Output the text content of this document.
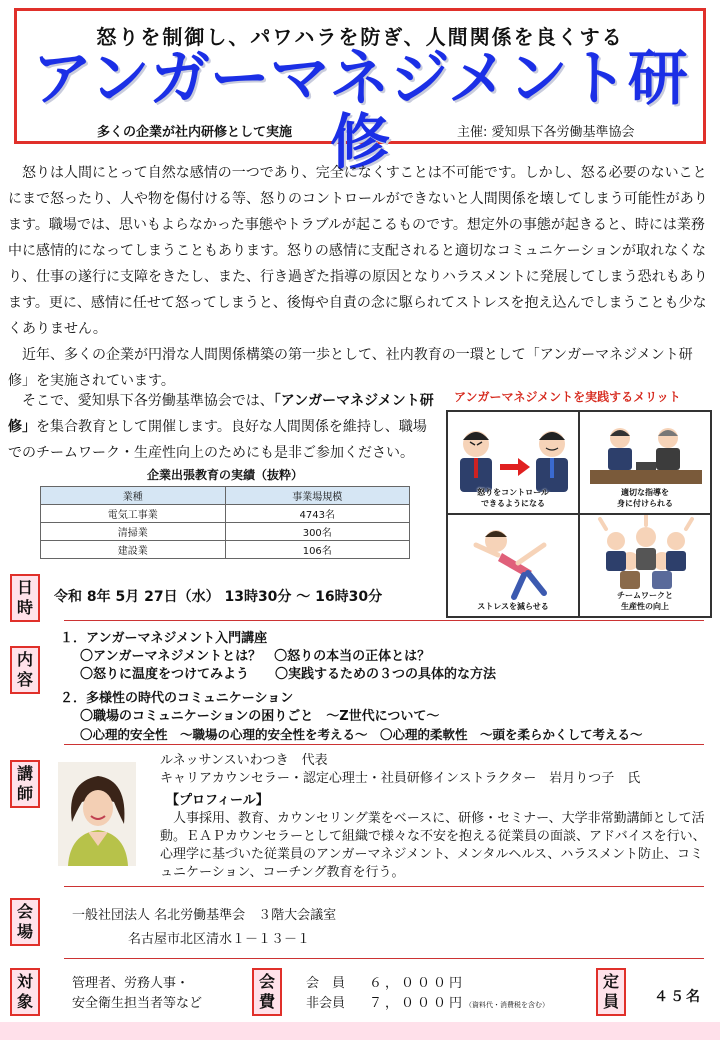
怒りを制御し、パワハラを防ぎ、人間関係を良くする
アンガーマネジメント研修
多くの企業が社内研修として実施	主催: 愛知県下各労働基準協会

怒りは人間にとって自然な感情の一つであり、完全になくすことは不可能です。しかし、怒る必要のないことにまで怒ったり、人や物を傷付ける等、怒りのコントロールができないと人間関係を壊してしまう可能性があります。職場では、思いもよらなかった事態やトラブルが起こるものです。想定外の事態が起きると、時には業務中に感情的になってしまうこともあります。怒りの感情に支配されると適切なコミュニケーションが取れなくなり、仕事の遂行に支障をきたし、また、行き過ぎた指導の原因となりハラスメントに発展してしまう恐れもあります。更に、感情に任せて怒ってしまうと、後悔や自責の念に駆られてストレスを抱え込んでしまうことも少なくありません。

近年、多くの企業が円滑な人間関係構築の第一歩として、社内教育の一環として「アンガーマネジメント研修」を実施されています。

そこで、愛知県下各労働基準協会では、「アンガーマネジメント研修」を集合教育として開催します。良好な人間関係を維持し、職場でのチームワーク・生産性向上のためにも是非ご参加ください。
企業出張教育の実績（抜粋）
業種	事業場規模
電気工事業	4743名
清掃業	300名
建設業	106名
アンガーマネジメントを実践するメリット
怒りをコントロール
できるようになる
適切な指導を
身に付けられる
ストレスを減らせる
チームワークと
生産性の向上
日
時
令和 8年 5月 27日（水） 13時30分 ～ 16時30分
内
容
１．アンガーマネジメント入門講座
〇アンガーマネジメントとは？　〇怒りの本当の正体とは？
〇怒りに温度をつけてみよう　　〇実践するための３つの具体的な方法
２．多様性の時代のコミュニケーション
〇職場のコミュニケーションの困りごと　～Z世代について～
〇心理的安全性　～職場の心理的安全性を考える～　〇心理的柔軟性　～頭を柔らかくして考える～
講
師
ルネッサンスいわつき　代表
キャリアカウンセラー・認定心理士・社員研修インストラクター　岩月りつ子　氏
【プロフィール】
人事採用、教育、カウンセリング業をベースに、研修・セミナー、大学非常勤講師として活動。ＥＡＰカウンセラーとして組織で様々な不安を抱える従業員の面談、アドバイスを行い、心理学に基づいた従業員のアンガーマネジメント、メンタルヘルス、ハラスメント防止、コミュニケーション、コーチング教育を行う。
会
場
一般社団法人 名北労働基準会　３階大会議室
名古屋市北区清水１－１３－１
対
象
管理者、労務人事・
安全衛生担当者等など
会
費
会　員 ６，０００円
非会員 ７，０００円（資料代・消費税を含む）
定
員	４５名
